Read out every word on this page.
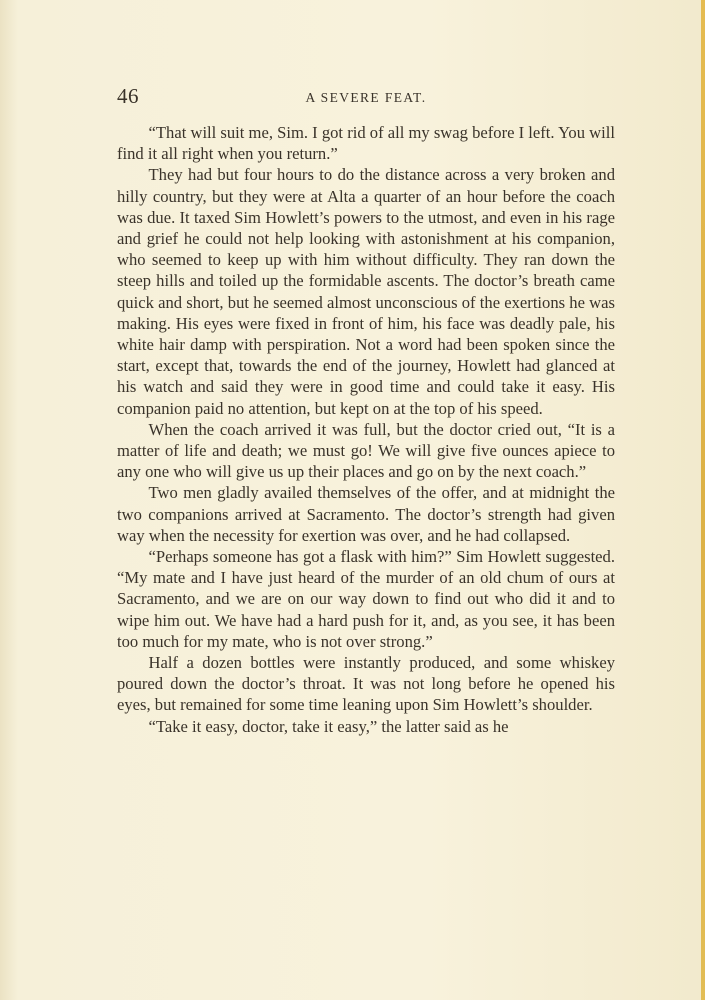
46	A SEVERE FEAT.

“That will suit me, Sim. I got rid of all my swag before I left. You will find it all right when you return.”

They had but four hours to do the distance across a very broken and hilly country, but they were at Alta a quarter of an hour before the coach was due. It taxed Sim Howlett’s powers to the utmost, and even in his rage and grief he could not help looking with astonishment at his companion, who seemed to keep up with him without difficulty. They ran down the steep hills and toiled up the formidable ascents. The doctor’s breath came quick and short, but he seemed almost unconscious of the exertions he was making. His eyes were fixed in front of him, his face was deadly pale, his white hair damp with perspiration. Not a word had been spoken since the start, except that, towards the end of the journey, Howlett had glanced at his watch and said they were in good time and could take it easy. His companion paid no attention, but kept on at the top of his speed.

When the coach arrived it was full, but the doctor cried out, “It is a matter of life and death; we must go! We will give five ounces apiece to any one who will give us up their places and go on by the next coach.”

Two men gladly availed themselves of the offer, and at midnight the two companions arrived at Sacramento. The doctor’s strength had given way when the necessity for exertion was over, and he had collapsed.

“Perhaps someone has got a flask with him?” Sim Howlett suggested. “My mate and I have just heard of the murder of an old chum of ours at Sacramento, and we are on our way down to find out who did it and to wipe him out. We have had a hard push for it, and, as you see, it has been too much for my mate, who is not over strong.”

Half a dozen bottles were instantly produced, and some whiskey poured down the doctor’s throat. It was not long before he opened his eyes, but remained for some time leaning upon Sim Howlett’s shoulder.

“Take it easy, doctor, take it easy,” the latter said as he
